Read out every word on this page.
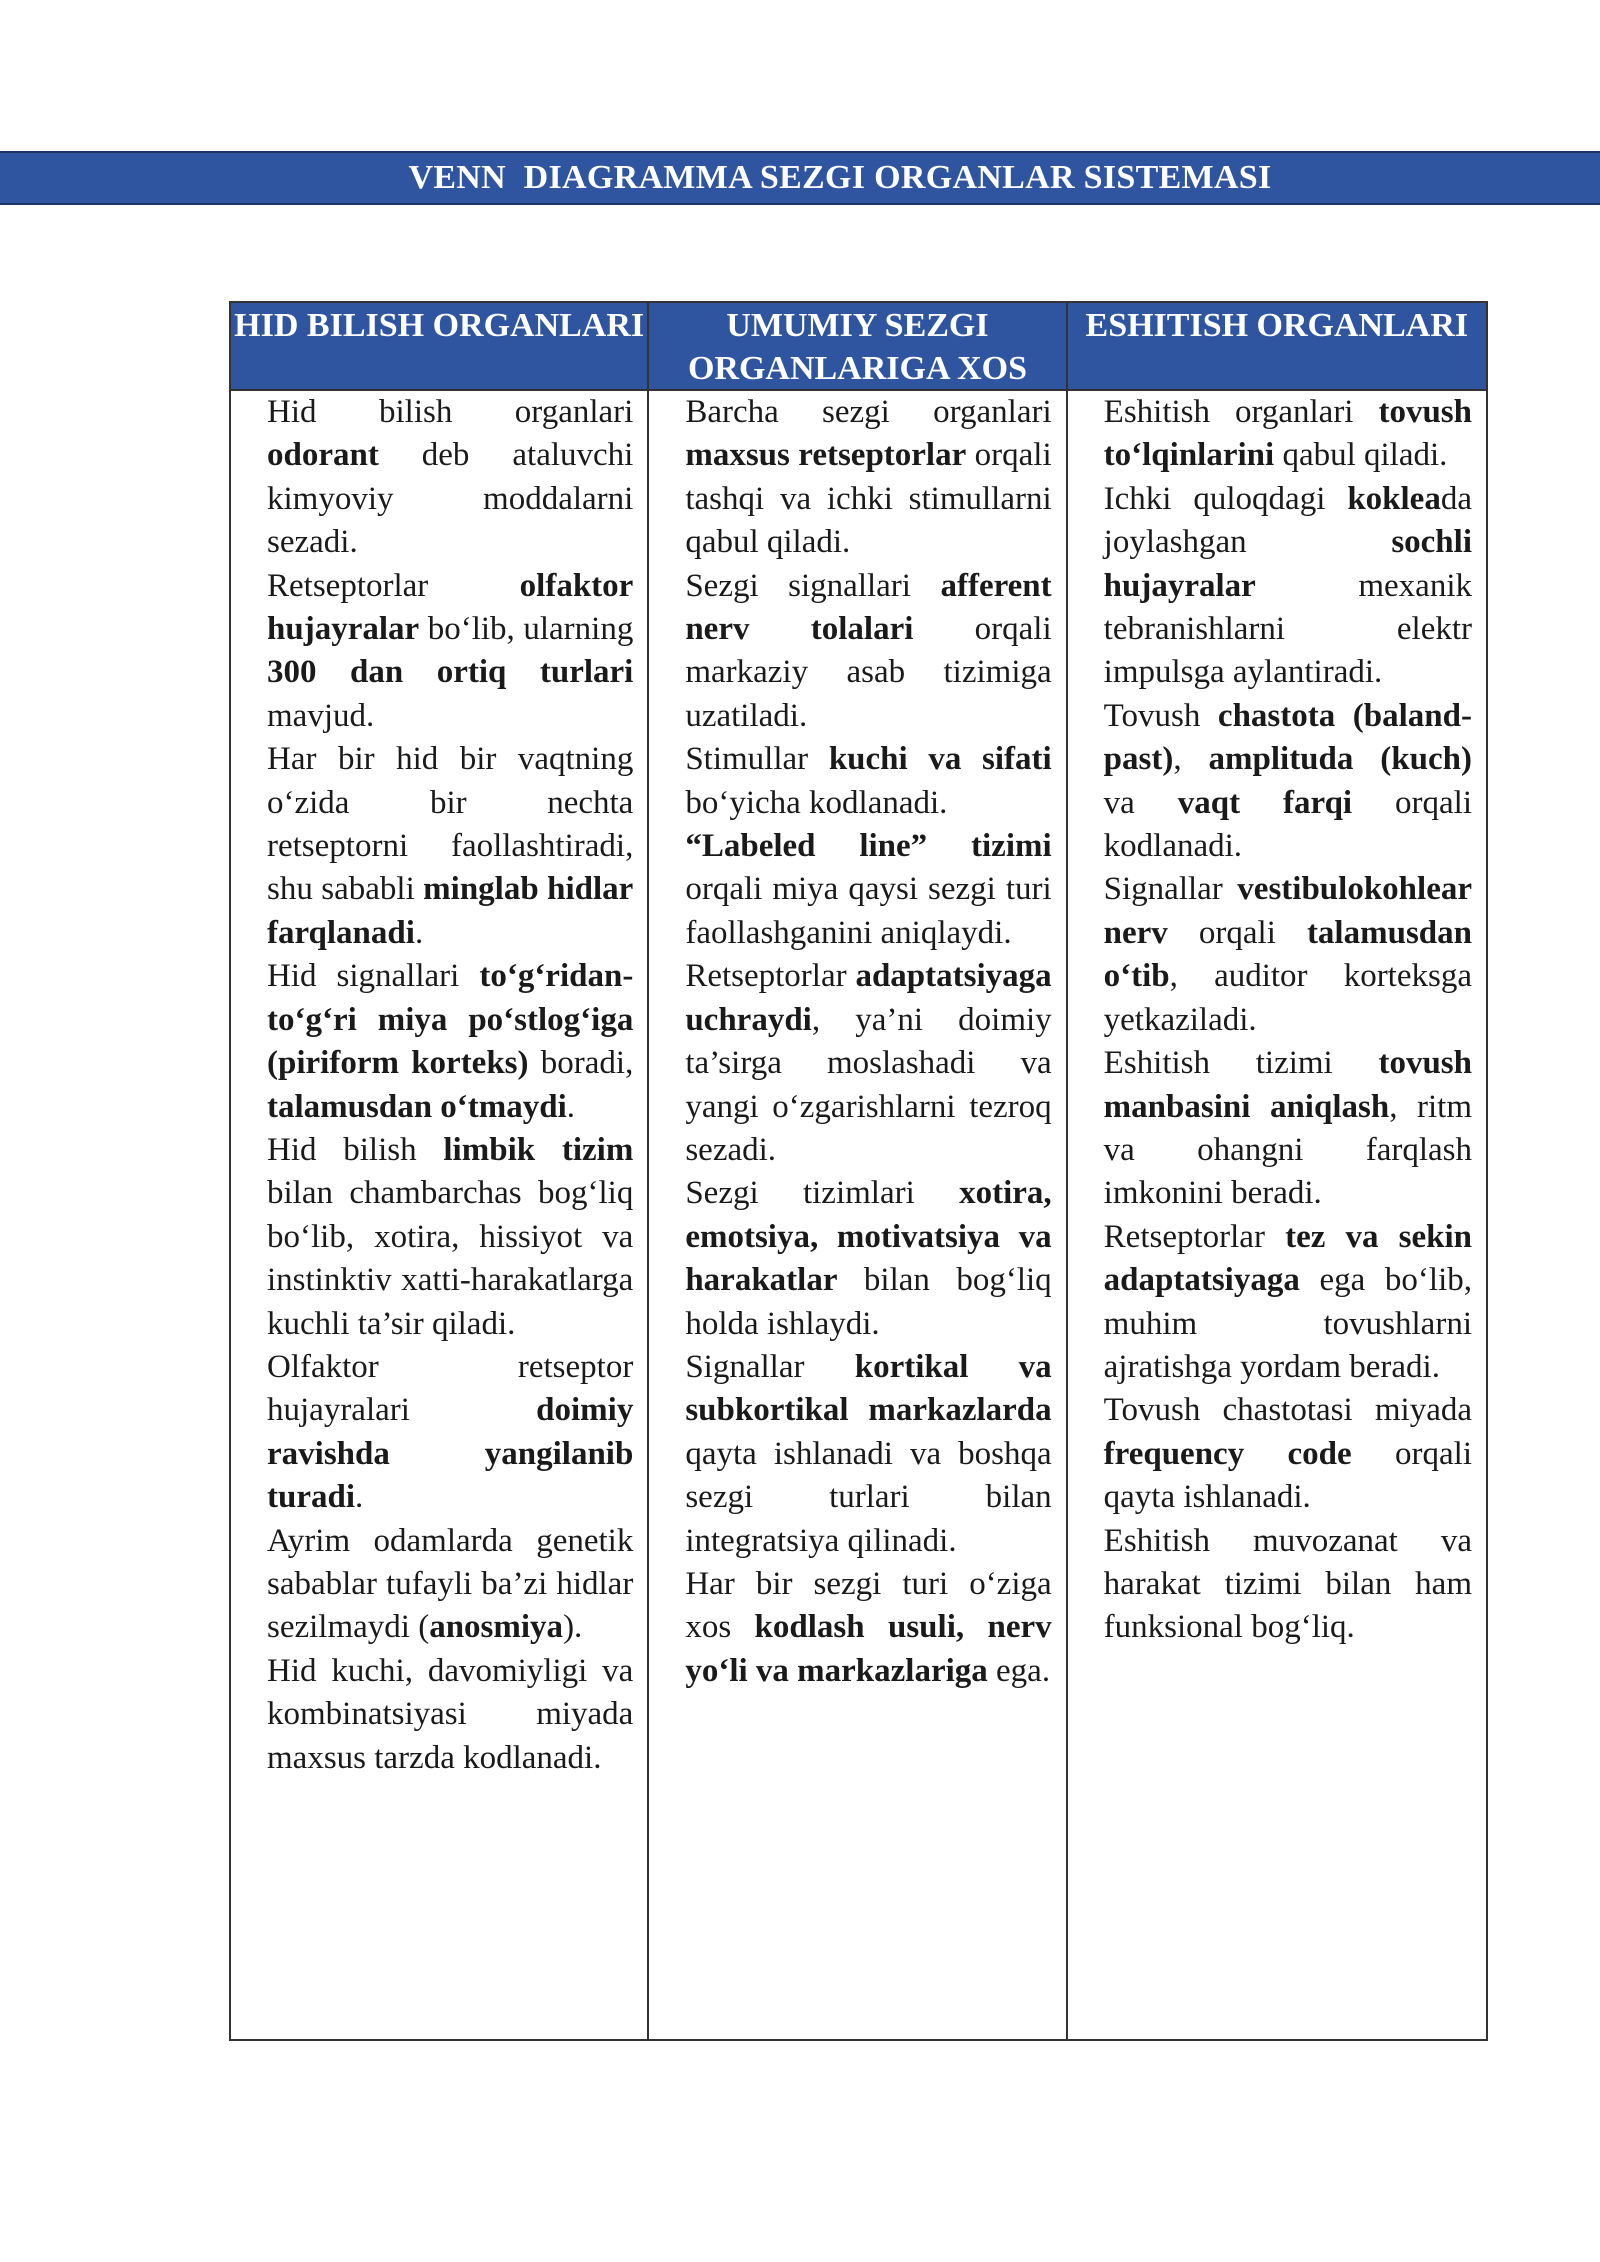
VENN  DIAGRAMMA SEZGI ORGANLAR SISTEMASI
HID BILISH ORGANLARI	UMUMIY SEZGI ORGANLARIGA XOS
ESHITISH ORGANLARI

Hid bilish organlari odorant deb ataluvchi kimyoviy moddalarni sezadi.

Retseptorlar olfaktor hujayralar bo‘lib, ularning 300 dan ortiq turlari mavjud.

Har bir hid bir vaqtning o‘zida bir nechta retseptorni faollashtiradi, shu sababli minglab hidlar farqlanadi.

Hid signallari to‘g‘ridan-to‘g‘ri miya po‘stlog‘iga (piriform korteks) boradi, talamusdan o‘tmaydi.

Hid bilish limbik tizim bilan chambarchas bog‘liq bo‘lib, xotira, hissiyot va instinktiv xatti-harakatlarga kuchli ta’sir qiladi.

Olfaktor retseptor hujayralari doimiy ravishda yangilanib turadi.

Ayrim odamlarda genetik sabablar tufayli ba’zi hidlar sezilmaydi (anosmiya).

Hid kuchi, davomiyligi va kombinatsiyasi miyada maxsus tarzda kodlanadi.

Barcha sezgi organlari maxsus retseptorlar orqali tashqi va ichki stimullarni qabul qiladi.

Sezgi signallari afferent nerv tolalari orqali markaziy asab tizimiga uzatiladi.

Stimullar kuchi va sifati bo‘yicha kodlanadi.

“Labeled line” tizimi orqali miya qaysi sezgi turi faollashganini aniqlaydi.

Retseptorlar adaptatsiyaga uchraydi, ya’ni doimiy ta’sirga moslashadi va yangi o‘zgarishlarni tezroq sezadi.

Sezgi tizimlari xotira, emotsiya, motivatsiya va harakatlar bilan bog‘liq holda ishlaydi.

Signallar kortikal va subkortikal markazlarda qayta ishlanadi va boshqa sezgi turlari bilan integratsiya qilinadi.

Har bir sezgi turi o‘ziga xos kodlash usuli, nerv yo‘li va markazlariga ega.

Eshitish organlari tovush to‘lqinlarini qabul qiladi.

Ichki quloqdagi kokleada joylashgan sochli hujayralar mexanik tebranishlarni elektr impulsga aylantiradi.

Tovush chastota (baland-past), amplituda (kuch) va vaqt farqi orqali kodlanadi.

Signallar vestibulokohlear nerv orqali talamusdan o‘tib, auditor korteksga yetkaziladi.

Eshitish tizimi tovush manbasini aniqlash, ritm va ohangni farqlash imkonini beradi.

Retseptorlar tez va sekin adaptatsiyaga ega bo‘lib, muhim tovushlarni ajratishga yordam beradi.

Tovush chastotasi miyada frequency code orqali qayta ishlanadi.

Eshitish muvozanat va harakat tizimi bilan ham funksional bog‘liq.
